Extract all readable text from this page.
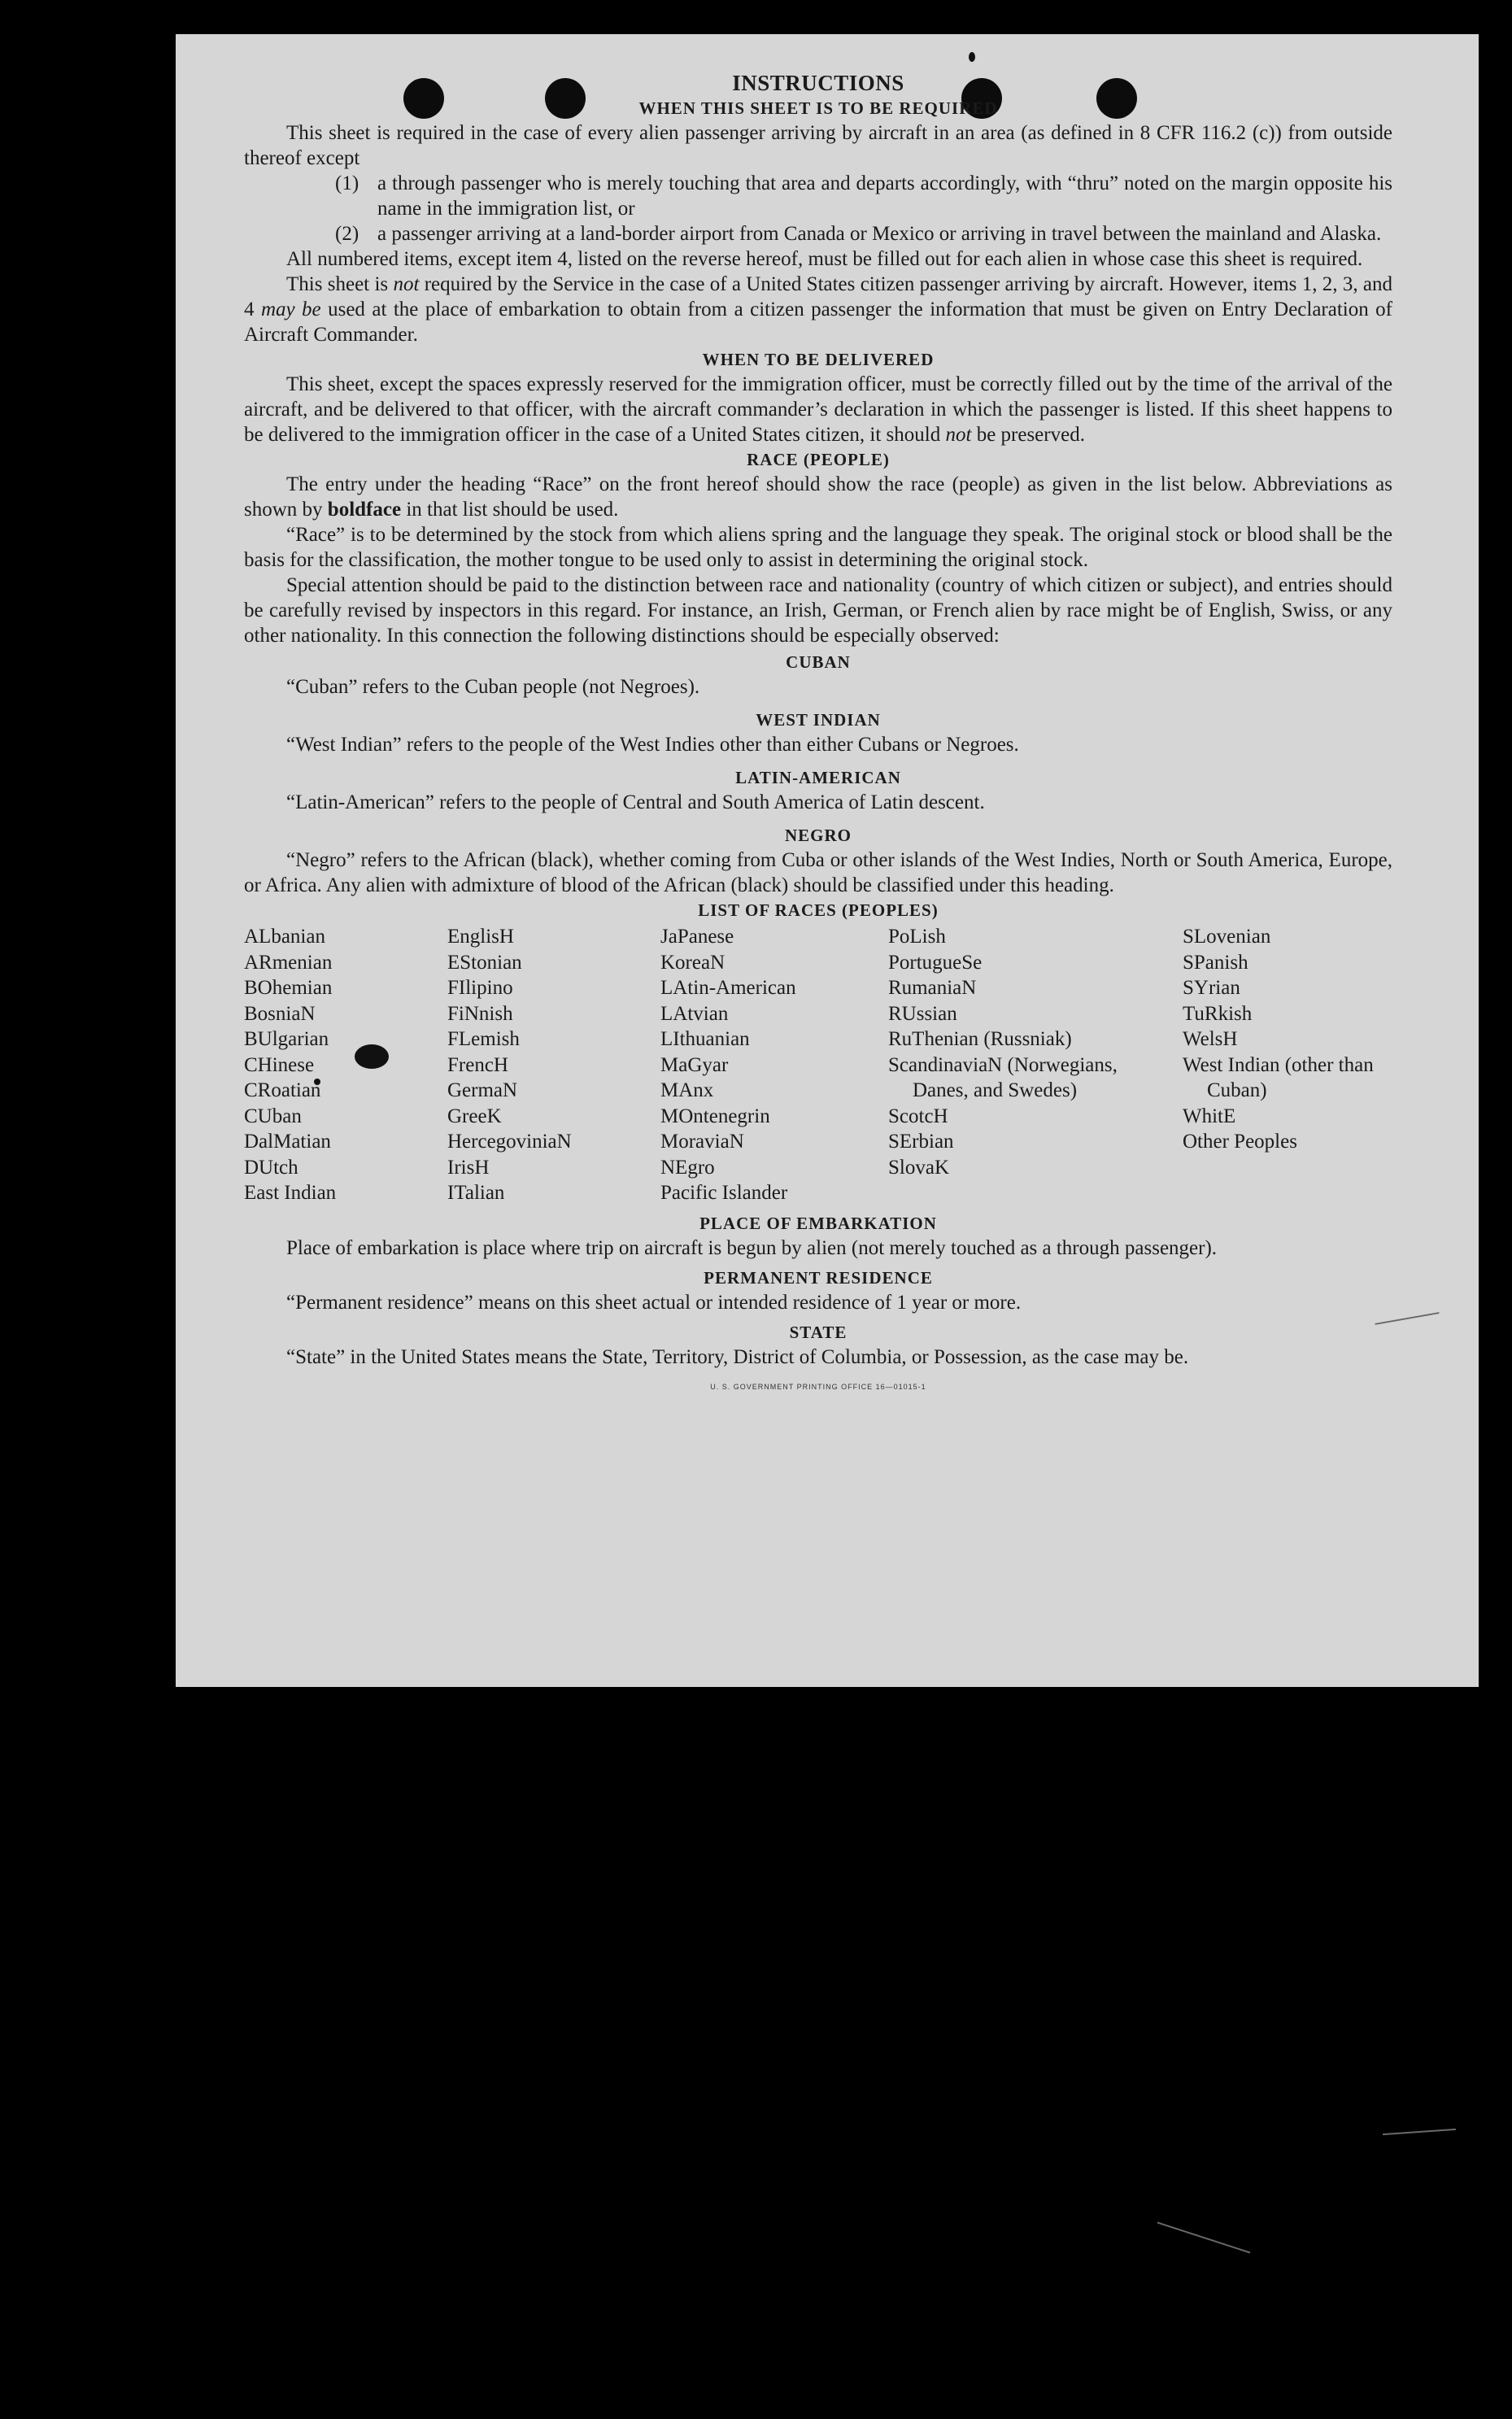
INSTRUCTIONS
WHEN THIS SHEET IS TO BE REQUIRED

This sheet is required in the case of every alien passenger arriving by aircraft in an area (as defined in 8 CFR 116.2 (c)) from outside thereof except

(1) a through passenger who is merely touching that area and departs accordingly, with “thru” noted on the margin opposite his name in the immigration list, or
(2) a passenger arriving at a land-border airport from Canada or Mexico or arriving in travel between the mainland and Alaska.

All numbered items, except item 4, listed on the reverse hereof, must be filled out for each alien in whose case this sheet is required.

This sheet is not required by the Service in the case of a United States citizen passenger arriving by aircraft. However, items 1, 2, 3, and 4 may be used at the place of embarkation to obtain from a citizen passenger the information that must be given on Entry Declaration of Aircraft Commander.

WHEN TO BE DELIVERED

This sheet, except the spaces expressly reserved for the immigration officer, must be correctly filled out by the time of the arrival of the aircraft, and be delivered to that officer, with the aircraft commander’s declaration in which the passenger is listed. If this sheet happens to be delivered to the immigration officer in the case of a United States citizen, it should not be preserved.

RACE (PEOPLE)

The entry under the heading “Race” on the front hereof should show the race (people) as given in the list below. Abbreviations as shown by boldface in that list should be used.

“Race” is to be determined by the stock from which aliens spring and the language they speak. The original stock or blood shall be the basis for the classification, the mother tongue to be used only to assist in determining the original stock.

Special attention should be paid to the distinction between race and nationality (country of which citizen or subject), and entries should be carefully revised by inspectors in this regard. For instance, an Irish, German, or French alien by race might be of English, Swiss, or any other nationality. In this connection the following distinctions should be especially observed:

CUBAN

“Cuban” refers to the Cuban people (not Negroes).

WEST INDIAN

“West Indian” refers to the people of the West Indies other than either Cubans or Negroes.

LATIN-AMERICAN

“Latin-American” refers to the people of Central and South America of Latin descent.

NEGRO

“Negro” refers to the African (black), whether coming from Cuba or other islands of the West Indies, North or South America, Europe, or Africa. Any alien with admixture of blood of the African (black) should be classified under this heading.

LIST OF RACES (PEOPLES)
ALbanian
ARmenian
BOhemian
BosniaN
BUlgarian
CHinese
CRoatian
CUban
DalMatian
DUtch
East Indian
EnglisH
EStonian
FIlipino
FiNnish
FLemish
FrencH
GermaN
GreeK
HercegoviniaN
IrisH
ITalian
JaPanese
KoreaN
LAtin-American
LAtvian
LIthuanian
MaGyar
MAnx
MOntenegrin
MoraviaN
NEgro
Pacific Islander
PoLish
PortugueSe
RumaniaN
RUssian
RuThenian (Russniak)
ScandinaviaN (Norwegians, Danes, and Swedes)
ScotcH
SErbian
SlovaK
SLovenian
SPanish
SYrian
TuRkish
WelsH
West Indian (other than Cuban)
WhitE
Other Peoples
PLACE OF EMBARKATION

Place of embarkation is place where trip on aircraft is begun by alien (not merely touched as a through passenger).

PERMANENT RESIDENCE

“Permanent residence” means on this sheet actual or intended residence of 1 year or more.

STATE

“State” in the United States means the State, Territory, District of Columbia, or Possession, as the case may be.

U. S. GOVERNMENT PRINTING OFFICE 16—01015-1
